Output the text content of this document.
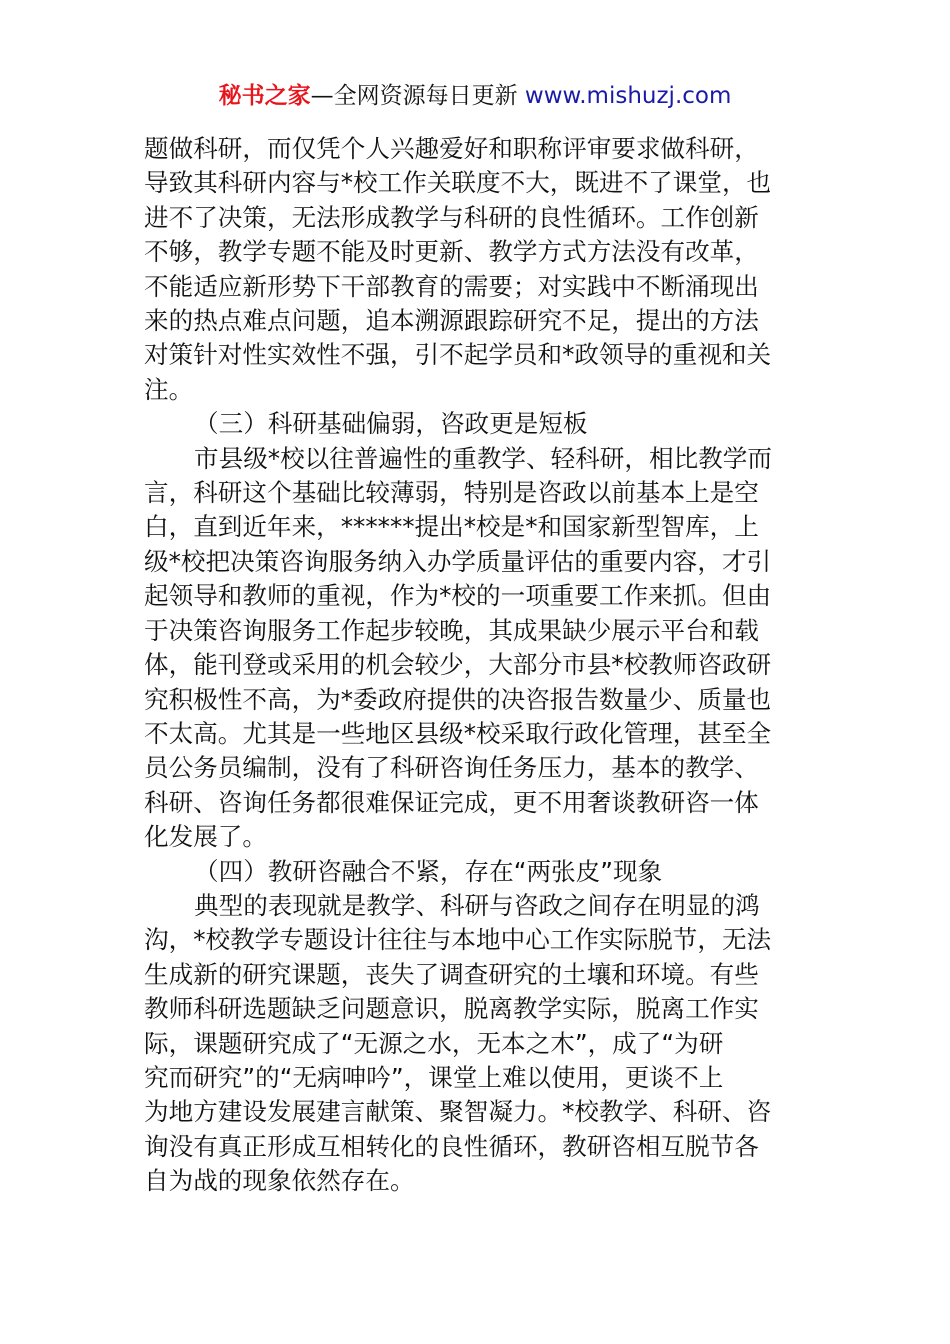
秘书之家—全网资源每日更新 www.mishuzj.com

题做科研，而仅凭个人兴趣爱好和职称评审要求做科研，
导致其科研内容与*校工作关联度不大，既进不了课堂，也
进不了决策，无法形成教学与科研的良性循环。工作创新
不够，教学专题不能及时更新、教学方式方法没有改革，
不能适应新形势下干部教育的需要；对实践中不断涌现出
来的热点难点问题，追本溯源跟踪研究不足，提出的方法
对策针对性实效性不强，引不起学员和*政领导的重视和关
注。

（三）科研基础偏弱，咨政更是短板

市县级*校以往普遍性的重教学、轻科研，相比教学而
言，科研这个基础比较薄弱，特别是咨政以前基本上是空
白，直到近年来，******提出*校是*和国家新型智库，上
级*校把决策咨询服务纳入办学质量评估的重要内容，才引
起领导和教师的重视，作为*校的一项重要工作来抓。但由
于决策咨询服务工作起步较晚，其成果缺少展示平台和载
体，能刊登或采用的机会较少，大部分市县*校教师咨政研
究积极性不高，为*委政府提供的决咨报告数量少、质量也
不太高。尤其是一些地区县级*校采取行政化管理，甚至全
员公务员编制，没有了科研咨询任务压力，基本的教学、
科研、咨询任务都很难保证完成，更不用奢谈教研咨一体
化发展了。

（四）教研咨融合不紧，存在“两张皮”现象

典型的表现就是教学、科研与咨政之间存在明显的鸿
沟，*校教学专题设计往往与本地中心工作实际脱节，无法
生成新的研究课题，丧失了调查研究的土壤和环境。有些
教师科研选题缺乏问题意识，脱离教学实际，脱离工作实
际，课题研究成了“无源之水，无本之木”，成了“为研
究而研究”的“无病呻吟”，课堂上难以使用，更谈不上
为地方建设发展建言献策、聚智凝力。*校教学、科研、咨
询没有真正形成互相转化的良性循环，教研咨相互脱节各
自为战的现象依然存在。
